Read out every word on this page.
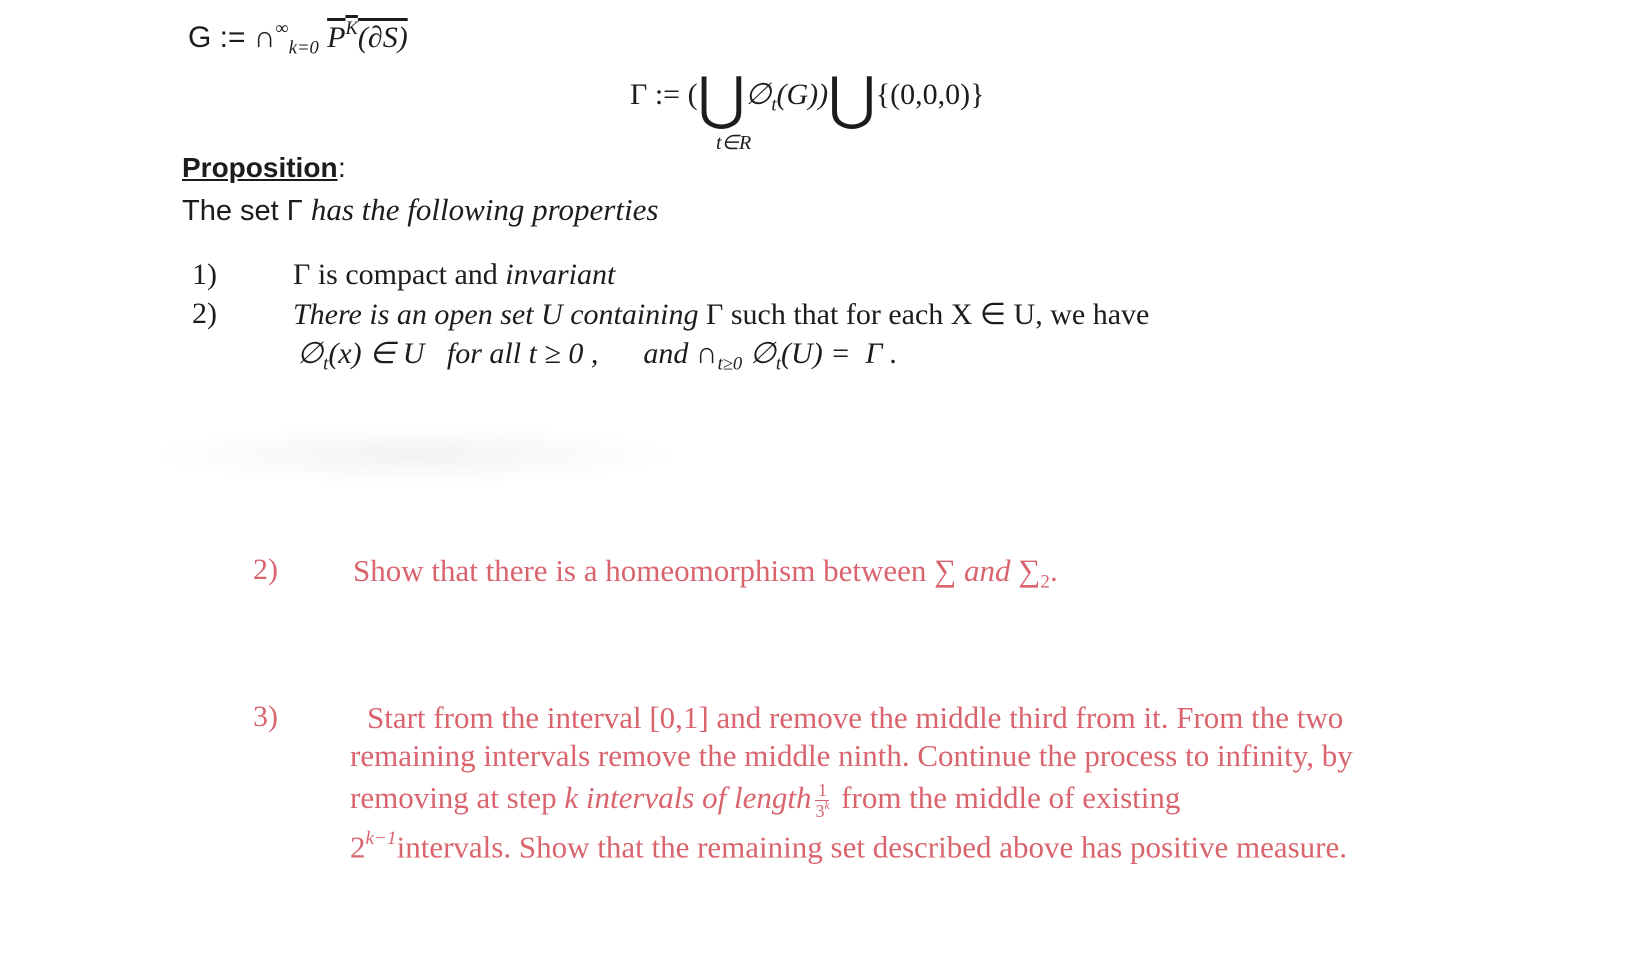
G := $\cap^\infty_{k=0}$ $P^K(\partial S)$
Γ := $(⋃\emptyset_t(G))⋃\{(0,0,0)\}$
t∈R
Proposition :
The set Γ has the following properties
1)	Γ is compact and invariant
2)	There is an open set U containing Γ such that for each X ∈ U, we have
$\emptyset_t(x)$ ∈ U   for all t ≥ 0 ,      and $\cap_{t\ge 0}$ $\emptyset_t(U) = \Gamma$ .
2) Show that there is a homeomorphism between ∑ and $\sum_2$.
3)	Start from the interval [0,1] and remove the middle third from it. From the two
remaining intervals remove the middle ninth. Continue the process to infinity, by
removing at step k intervals of length $\frac{1}{3^k}$ from the middle of existing
$2^{k-1}intervals$. Show that the remaining set described above has positive measure.
